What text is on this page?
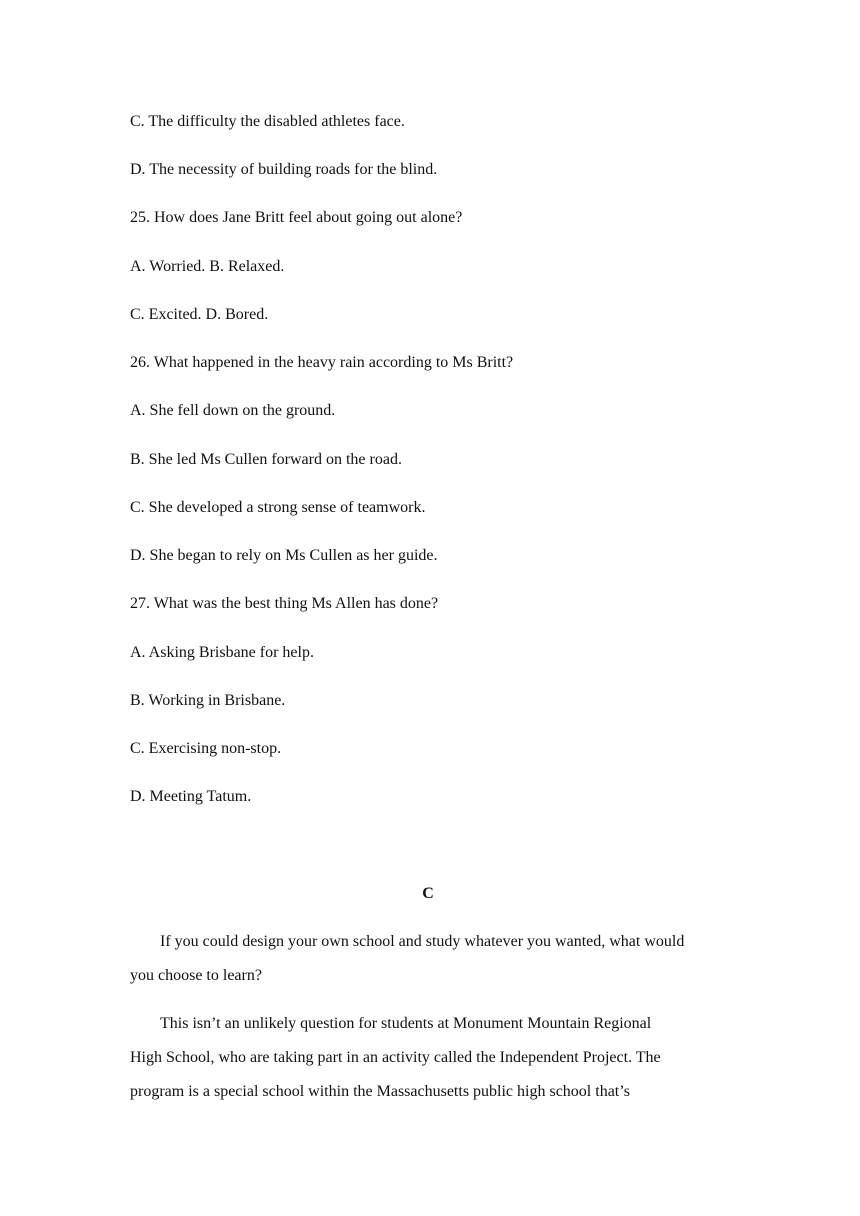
C. The difficulty the disabled athletes face.
D. The necessity of building roads for the blind.
25. How does Jane Britt feel about going out alone?
A. Worried. B. Relaxed.
C. Excited. D. Bored.
26. What happened in the heavy rain according to Ms Britt?
A. She fell down on the ground.
B. She led Ms Cullen forward on the road.
C. She developed a strong sense of teamwork.
D. She began to rely on Ms Cullen as her guide.
27. What was the best thing Ms Allen has done?
A. Asking Brisbane for help.
B. Working in Brisbane.
C. Exercising non-stop.
D. Meeting Tatum.
C
If you could design your own school and study whatever you wanted, what would
you choose to learn?
This isn’t an unlikely question for students at Monument Mountain Regional
High School, who are taking part in an activity called the Independent Project. The
program is a special school within the Massachusetts public high school that’s
